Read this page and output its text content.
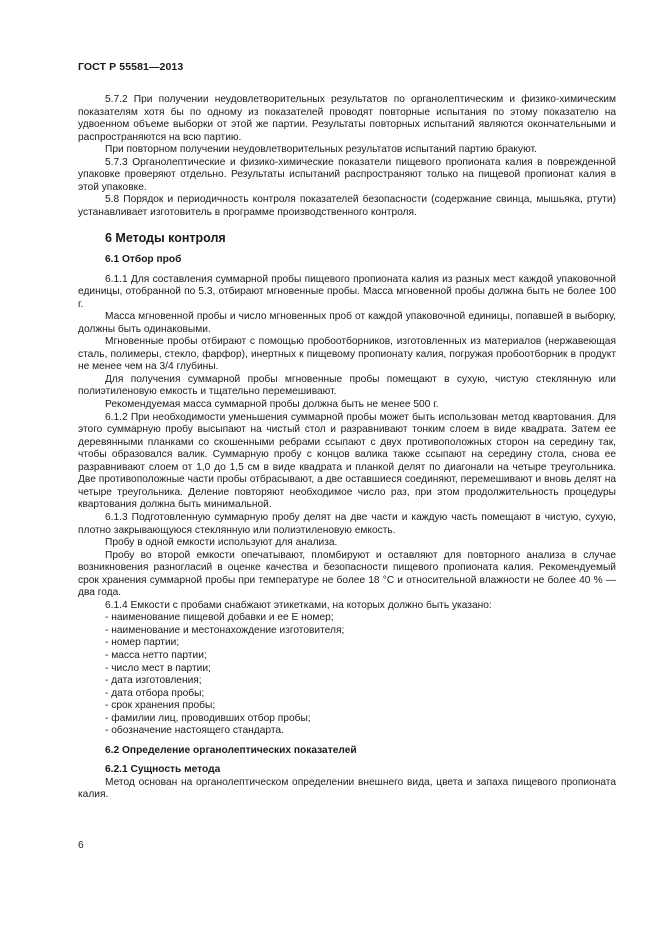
ГОСТ Р 55581—2013

5.7.2 При получении неудовлетворительных результатов по органолептическим и физико-химическим показателям хотя бы по одному из показателей проводят повторные испытания по этому показателю на удвоенном объеме выборки от этой же партии. Результаты повторных испытаний являются окончательными и распространяются на всю партию.

При повторном получении неудовлетворительных результатов испытаний партию бракуют.

5.7.3 Органолептические и физико-химические показатели пищевого пропионата калия в поврежденной упаковке проверяют отдельно. Результаты испытаний распространяют только на пищевой пропионат калия в этой упаковке.

5.8 Порядок и периодичность контроля показателей безопасности (содержание свинца, мышьяка, ртути) устанавливает изготовитель в программе производственного контроля.

6 Методы контроля
6.1 Отбор проб

6.1.1 Для составления суммарной пробы пищевого пропионата калия из разных мест каждой упаковочной единицы, отобранной по 5.3, отбирают мгновенные пробы. Масса мгновенной пробы должна быть не более 100 г.

Масса мгновенной пробы и число мгновенных проб от каждой упаковочной единицы, попавшей в выборку, должны быть одинаковыми.

Мгновенные пробы отбирают с помощью пробоотборников, изготовленных из материалов (нержавеющая сталь, полимеры, стекло, фарфор), инертных к пищевому пропионату калия, погружая пробоотборник в продукт не менее чем на 3/4 глубины.

Для получения суммарной пробы мгновенные пробы помещают в сухую, чистую стеклянную или полиэтиленовую емкость и тщательно перемешивают.

Рекомендуемая масса суммарной пробы должна быть не менее 500 г.

6.1.2 При необходимости уменьшения суммарной пробы может быть использован метод квартования. Для этого суммарную пробу высыпают на чистый стол и разравнивают тонким слоем в виде квадрата. Затем ее деревянными планками со скошенными ребрами ссыпают с двух противоположных сторон на середину так, чтобы образовался валик. Суммарную пробу с концов валика также ссыпают на середину стола, снова ее разравнивают слоем от 1,0 до 1,5 см в виде квадрата и планкой делят по диагонали на четыре треугольника. Две противоположные части пробы отбрасывают, а две оставшиеся соединяют, перемешивают и вновь делят на четыре треугольника. Деление повторяют необходимое число раз, при этом продолжительность процедуры квартования должна быть минимальной.

6.1.3 Подготовленную суммарную пробу делят на две части и каждую часть помещают в чистую, сухую, плотно закрывающуюся стеклянную или полиэтиленовую емкость.

Пробу в одной емкости используют для анализа.

Пробу во второй емкости опечатывают, пломбируют и оставляют для повторного анализа в случае возникновения разногласий в оценке качества и безопасности пищевого пропионата калия. Рекомендуемый срок хранения суммарной пробы при температуре не более 18 °С и относительной влажности не более 40 % — два года.

6.1.4 Емкости с пробами снабжают этикетками, на которых должно быть указано:

- наименование пищевой добавки и ее Е номер;

- наименование и местонахождение изготовителя;

- номер партии;

- масса нетто партии;

- число мест в партии;

- дата изготовления;

- дата отбора пробы;

- срок хранения пробы;

- фамилии лиц, проводивших отбор пробы;

- обозначение настоящего стандарта.

6.2 Определение органолептических показателей
6.2.1 Сущность метода

Метод основан на органолептическом определении внешнего вида, цвета и запаха пищевого пропионата калия.

6
